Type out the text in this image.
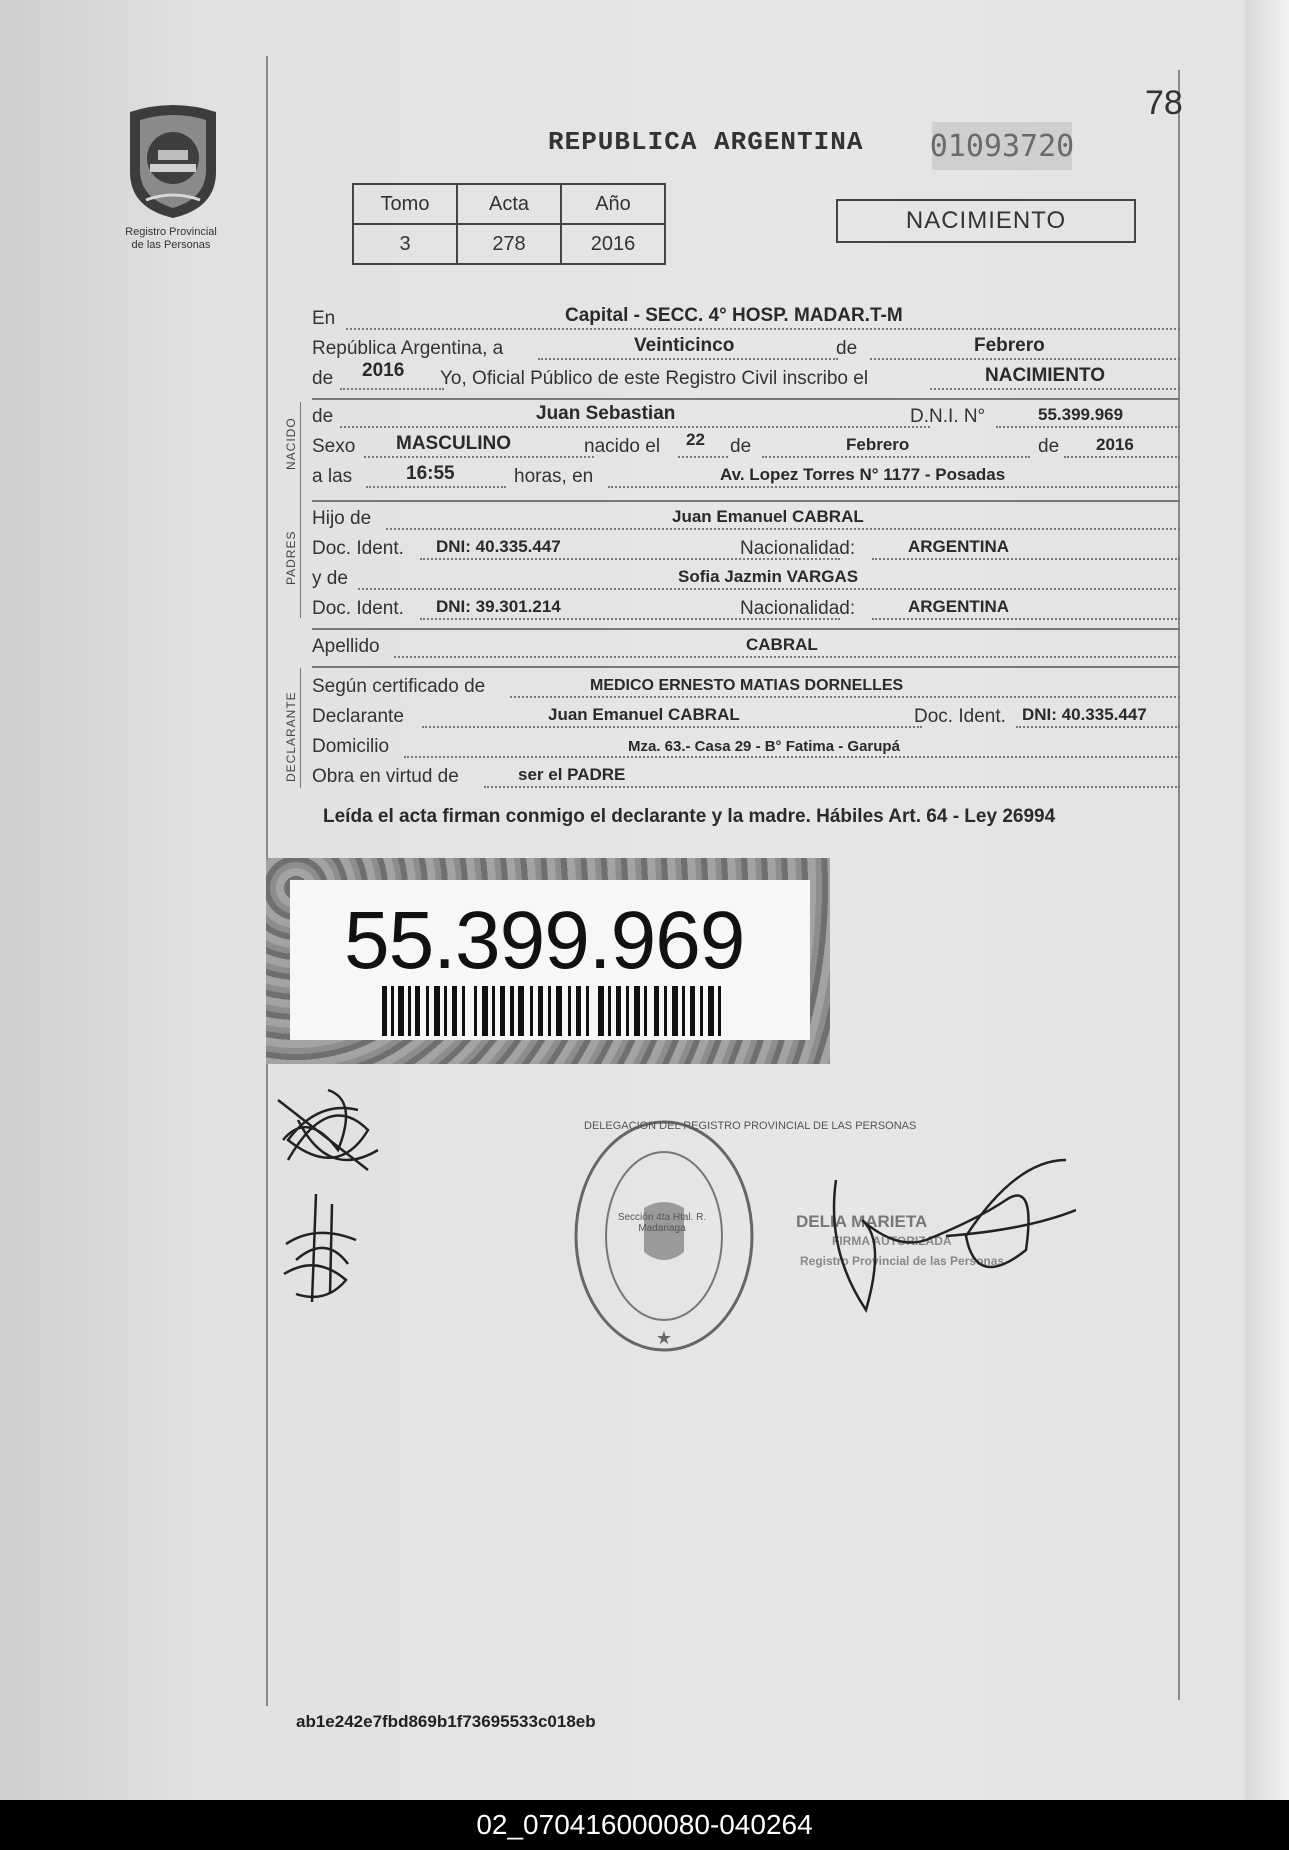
Registro Provincial
de las Personas
REPUBLICA ARGENTINA 01093720
78
Tomo	Acta	Año
3	278	2016
NACIMIENTO
NACIDO
PADRES
DECLARANTE
En	Capital - SECC. 4° HOSP. MADAR.T-M
República Argentina, a	Veinticinco	de	Febrero
de 2016 Yo, Oficial Público de este Registro Civil inscribo el	NACIMIENTO
de	Juan Sebastian	D.N.I. N°	55.399.969
Sexo MASCULINO	nacido el 22 de	Febrero	de 2016
a las	16:55	horas, en	Av. Lopez Torres N° 1177 - Posadas
Hijo de	Juan Emanuel CABRAL
Doc. Ident. DNI: 40.335.447	Nacionalidad:	ARGENTINA
y de	Sofia Jazmin VARGAS
Doc. Ident. DNI: 39.301.214	Nacionalidad:	ARGENTINA
Apellido	CABRAL
Según certificado de	MEDICO ERNESTO MATIAS DORNELLES
Declarante	Juan Emanuel CABRAL	Doc. Ident. DNI: 40.335.447
Domicilio	Mza. 63.- Casa 29 - B° Fatima - Garupá
Obra en virtud de	ser el PADRE
Leída el acta firman conmigo el declarante y la madre. Hábiles Art. 64 - Ley 26994
55.399.969
★
DELEGACION DEL REGISTRO PROVINCIAL DE LAS PERSONAS
Sección 4ta Htal. R. Madariaga	DELIA MARIETA
FIRMA AUTORIZADA
Registro Provincial de las Personas
ab1e242e7fbd869b1f73695533c018eb
02_070416000080-040264
